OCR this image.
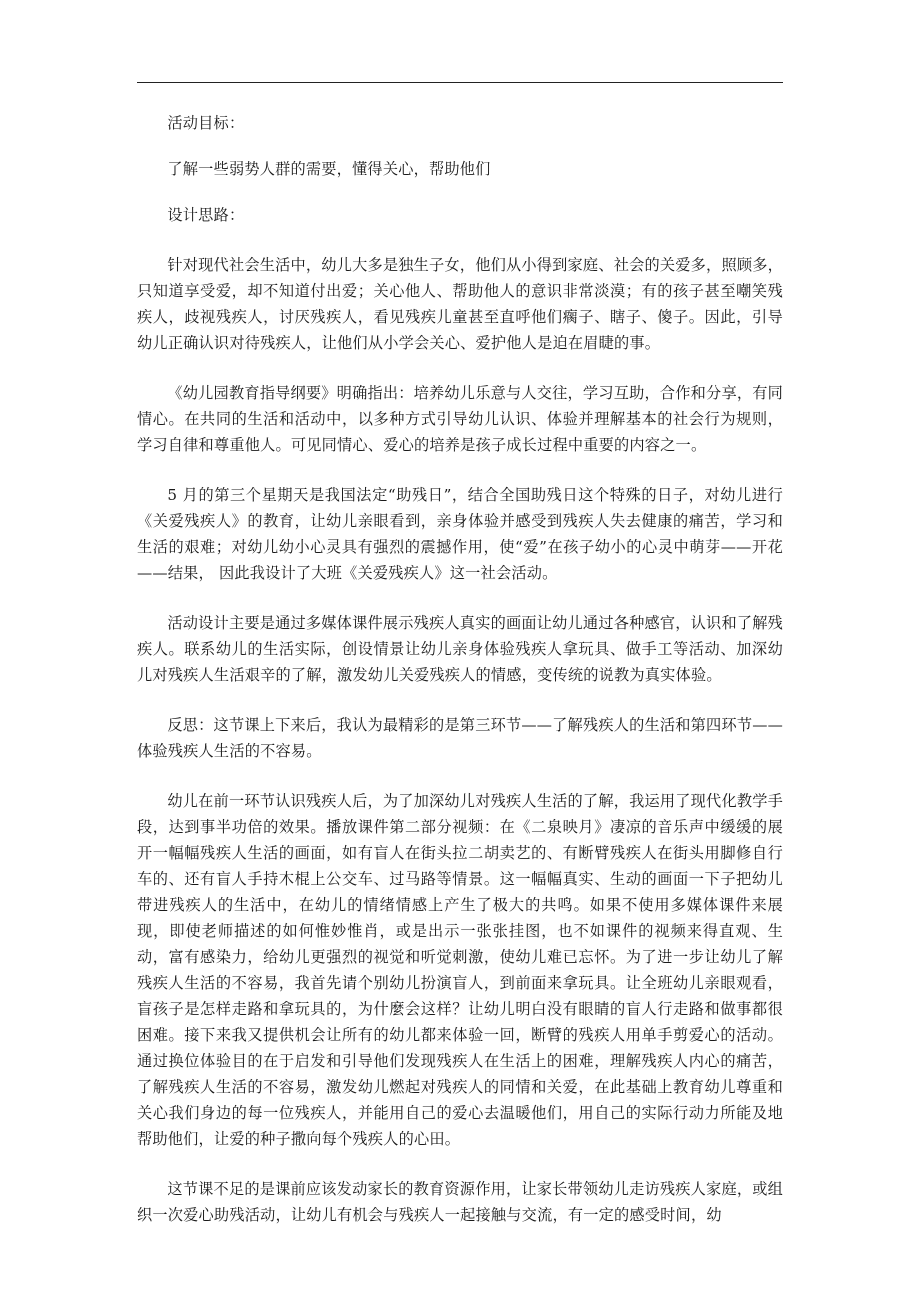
活动目标：

了解一些弱势人群的需要，懂得关心，帮助他们

设计思路：

针对现代社会生活中，幼儿大多是独生子女，他们从小得到家庭、社会的关爱多，照顾多，只知道享受爱，却不知道付出爱；关心他人、帮助他人的意识非常淡漠；有的孩子甚至嘲笑残疾人，歧视残疾人，讨厌残疾人，看见残疾儿童甚至直呼他们瘸子、瞎子、傻子。因此，引导幼儿正确认识对待残疾人，让他们从小学会关心、爱护他人是迫在眉睫的事。

《幼儿园教育指导纲要》明确指出：培养幼儿乐意与人交往，学习互助，合作和分享，有同情心。在共同的生活和活动中，以多种方式引导幼儿认识、体验并理解基本的社会行为规则，学习自律和尊重他人。可见同情心、爱心的培养是孩子成长过程中重要的内容之一。

5 月的第三个星期天是我国法定“助残日”，结合全国助残日这个特殊的日子，对幼儿进行《关爱残疾人》的教育，让幼儿亲眼看到，亲身体验并感受到残疾人失去健康的痛苦，学习和生活的艰难；对幼儿幼小心灵具有强烈的震撼作用，使“爱”在孩子幼小的心灵中萌芽——开花——结果， 因此我设计了大班《关爱残疾人》这一社会活动。

活动设计主要是通过多媒体课件展示残疾人真实的画面让幼儿通过各种感官，认识和了解残疾人。联系幼儿的生活实际，创设情景让幼儿亲身体验残疾人拿玩具、做手工等活动、加深幼儿对残疾人生活艰辛的了解，激发幼儿关爱残疾人的情感，变传统的说教为真实体验。

反思：这节课上下来后，我认为最精彩的是第三环节——了解残疾人的生活和第四环节——体验残疾人生活的不容易。

幼儿在前一环节认识残疾人后，为了加深幼儿对残疾人生活的了解，我运用了现代化教学手段，达到事半功倍的效果。播放课件第二部分视频：在《二泉映月》凄凉的音乐声中缓缓的展开一幅幅残疾人生活的画面，如有盲人在街头拉二胡卖艺的、有断臂残疾人在街头用脚修自行车的、还有盲人手持木棍上公交车、过马路等情景。这一幅幅真实、生动的画面一下子把幼儿带进残疾人的生活中，在幼儿的情绪情感上产生了极大的共鸣。如果不使用多媒体课件来展现，即使老师描述的如何惟妙惟肖，或是出示一张张挂图，也不如课件的视频来得直观、生动，富有感染力，给幼儿更强烈的视觉和听觉刺激，使幼儿难已忘怀。为了进一步让幼儿了解残疾人生活的不容易，我首先请个别幼儿扮演盲人，到前面来拿玩具。让全班幼儿亲眼观看，盲孩子是怎样走路和拿玩具的，为什麼会这样？让幼儿明白没有眼睛的盲人行走路和做事都很困难。接下来我又提供机会让所有的幼儿都来体验一回，断臂的残疾人用单手剪爱心的活动。通过换位体验目的在于启发和引导他们发现残疾人在生活上的困难，理解残疾人内心的痛苦，了解残疾人生活的不容易，激发幼儿燃起对残疾人的同情和关爱，在此基础上教育幼儿尊重和关心我们身边的每一位残疾人，并能用自己的爱心去温暖他们，用自己的实际行动力所能及地帮助他们，让爱的种子撒向每个残疾人的心田。

这节课不足的是课前应该发动家长的教育资源作用，让家长带领幼儿走访残疾人家庭，或组织一次爱心助残活动，让幼儿有机会与残疾人一起接触与交流，有一定的感受时间，幼
